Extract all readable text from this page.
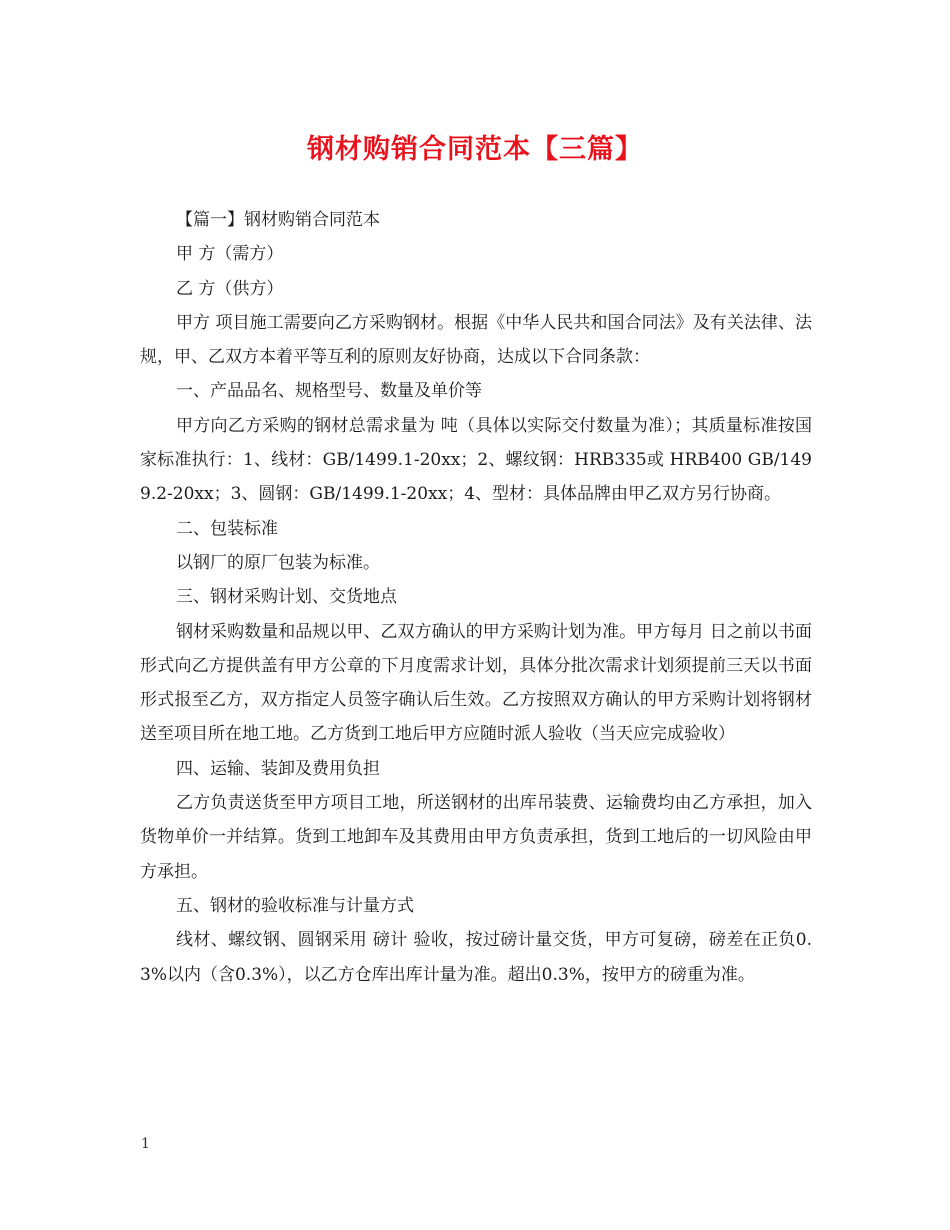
钢材购销合同范本【三篇】

【篇一】钢材购销合同范本

甲 方（需方）

乙 方（供方）

甲方 项目施工需要向乙方采购钢材。根据《中华人民共和国合同法》及有关法律、法规，甲、乙双方本着平等互利的原则友好协商，达成以下合同条款：

一、产品品名、规格型号、数量及单价等

甲方向乙方采购的钢材总需求量为 吨（具体以实际交付数量为准）；其质量标准按国家标准执行：1、线材：GB/1499.1-20xx；2、螺纹钢：HRB335或 HRB400 GB/1499.2-20xx；3、圆钢：GB/1499.1-20xx；4、型材：具体品牌由甲乙双方另行协商。

二、包装标准

以钢厂的原厂包装为标准。

三、钢材采购计划、交货地点

钢材采购数量和品规以甲、乙双方确认的甲方采购计划为准。甲方每月 日之前以书面形式向乙方提供盖有甲方公章的下月度需求计划，具体分批次需求计划须提前三天以书面形式报至乙方，双方指定人员签字确认后生效。乙方按照双方确认的甲方采购计划将钢材送至项目所在地工地。乙方货到工地后甲方应随时派人验收（当天应完成验收）

四、运输、装卸及费用负担

乙方负责送货至甲方项目工地，所送钢材的出库吊装费、运输费均由乙方承担，加入货物单价一并结算。货到工地卸车及其费用由甲方负责承担，货到工地后的一切风险由甲方承担。

五、钢材的验收标准与计量方式

线材、螺纹钢、圆钢采用 磅计 验收，按过磅计量交货，甲方可复磅，磅差在正负0.3%以内（含0.3%），以乙方仓库出库计量为准。超出0.3%，按甲方的磅重为准。

1
